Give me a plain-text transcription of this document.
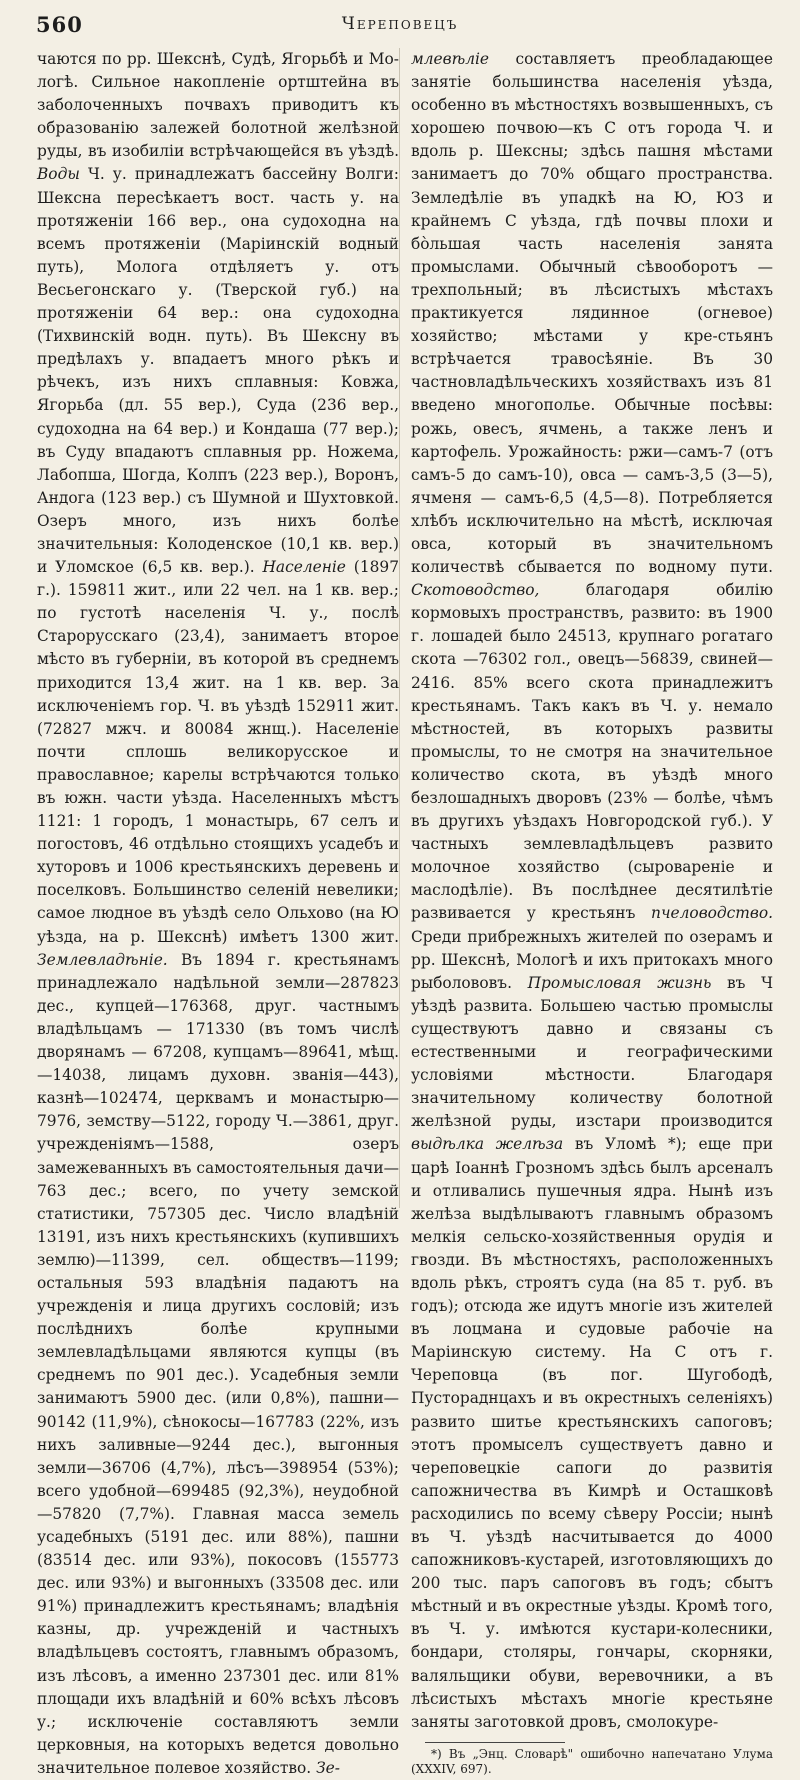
560	Череповецъ

чаются по рр. Шекснѣ, Судѣ, Ягорьбѣ и Мо-логѣ. Сильное накопленіе ортштейна въ заболоченныхъ почвахъ приводитъ къ образованію залежей болотной желѣзной руды, въ изобиліи встрѣчающейся въ уѣздѣ. Воды Ч. у. принадлежатъ бассейну Волги: Шексна пересѣкаетъ вост. часть у. на протяженіи 166 вер., она судоходна на всемъ протяженіи (Маріинскій водный путь), Молога отдѣляетъ у. отъ Весьегонскаго у. (Тверской губ.) на протяженіи 64 вер.: она судоходна (Тихвинскій водн. путь). Въ Шексну въ предѣлахъ у. впадаетъ много рѣкъ и рѣчекъ, изъ нихъ сплавныя: Ковжа, Ягорьба (дл. 55 вер.), Суда (236 вер., судоходна на 64 вер.) и Кондаша (77 вер.); въ Суду впадаютъ сплавныя рр. Ножема, Лабопша, Шогда, Колпъ (223 вер.), Воронъ, Андога (123 вер.) съ Шумной и Шухтовкой. Озеръ много, изъ нихъ болѣе значительныя: Колоденское (10,1 кв. вер.) и Уломское (6,5 кв. вер.). Населеніе (1897 г.). 159811 жит., или 22 чел. на 1 кв. вер.; по густотѣ населенія Ч. у., послѣ Старорусскаго (23,4), занимаетъ второе мѣсто въ губерніи, въ которой въ среднемъ приходится 13,4 жит. на 1 кв. вер. За исключеніемъ гор. Ч. въ уѣздѣ 152911 жит. (72827 мжч. и 80084 жнщ.). Населеніе почти сплошь великорусское и православное; карелы встрѣчаются только въ южн. части уѣзда. Населенныхъ мѣстъ 1121: 1 городъ, 1 монастырь, 67 селъ и погостовъ, 46 отдѣльно стоящихъ усадебъ и хуторовъ и 1006 крестьянскихъ деревень и поселковъ. Большинство селеній невелики; самое людное въ уѣздѣ село Ольхово (на Ю уѣзда, на р. Шекснѣ) имѣетъ 1300 жит. Землевладѣніе. Въ 1894 г. крестьянамъ принадлежало надѣльной земли—287823 дес., купцей—176368, друг. частнымъ владѣльцамъ — 171330 (въ томъ числѣ дворянамъ — 67208, купцамъ—89641, мѣщ.—14038, лицамъ духовн. званія—443), казнѣ—102474, церквамъ и монастырю—7976, земству—5122, городу Ч.—3861, друг. учрежденіямъ—1588, озеръ замежеванныхъ въ самостоятельныя дачи—763 дес.; всего, по учету земской статистики, 757305 дес. Число владѣній 13191, изъ нихъ крестьянскихъ (купившихъ землю)—11399, сел. обществъ—1199; остальныя 593 владѣнія падаютъ на учрежденія и лица другихъ сословій; изъ послѣднихъ болѣе крупными землевладѣльцами являются купцы (въ среднемъ по 901 дес.). Усадебныя земли занимаютъ 5900 дес. (или 0,8%), пашни—90142 (11,9%), сѣнокосы—167783 (22%, изъ нихъ заливные—9244 дес.), выгонныя земли—36706 (4,7%), лѣсъ—398954 (53%); всего удобной—699485 (92,3%), неудобной—57820 (7,7%). Главная масса земель усадебныхъ (5191 дес. или 88%), пашни (83514 дес. или 93%), покосовъ (155773 дес. или 93%) и выгонныхъ (33508 дес. или 91%) принадлежитъ крестьянамъ; владѣнія казны, др. учрежденій и частныхъ владѣльцевъ состоятъ, главнымъ образомъ, изъ лѣсовъ, а именно 237301 дес. или 81% площади ихъ владѣній и 60% всѣхъ лѣсовъ у.; исключеніе составляютъ земли церковныя, на которыхъ ведется довольно значительное полевое хозяйство. Зе-

млевѣліе составляетъ преобладающее занятіе большинства населенія уѣзда, особенно въ мѣстностяхъ возвышенныхъ, съ хорошею почвою—къ С отъ города Ч. и вдоль р. Шексны; здѣсь пашня мѣстами занимаетъ до 70% общаго пространства. Земледѣліе въ упадкѣ на Ю, ЮЗ и крайнемъ С уѣзда, гдѣ почвы плохи и бо̀льшая часть населенія занята промыслами. Обычный сѣвооборотъ — трехпольный; въ лѣсистыхъ мѣстахъ практикуется лядинное (огневое) хозяйство; мѣстами у кре-стьянъ встрѣчается травосѣяніе. Въ 30 частновладѣльческихъ хозяйствахъ изъ 81 введено многополье. Обычные посѣвы: рожь, овесъ, ячмень, а также ленъ и картофель. Урожайность: ржи—самъ-7 (отъ самъ-5 до самъ-10), овса — самъ-3,5 (3—5), ячменя — самъ-6,5 (4,5—8). Потребляется хлѣбъ исключительно на мѣстѣ, исключая овса, который въ значительномъ количествѣ сбывается по водному пути. Скотоводство, благодаря обилію кормовыхъ пространствъ, развито: въ 1900 г. лошадей было 24513, крупнаго рогатаго скота —76302 гол., овецъ—56839, свиней—2416. 85% всего скота принадлежитъ крестьянамъ. Такъ какъ въ Ч. у. немало мѣстностей, въ которыхъ развиты промыслы, то не смотря на значительное количество скота, въ уѣздѣ много безлошадныхъ дворовъ (23% — болѣе, чѣмъ въ другихъ уѣздахъ Новгородской губ.). У частныхъ землевладѣльцевъ развито молочное хозяйство (сыровареніе и маслодѣліе). Въ послѣднее десятилѣтіе развивается у крестьянъ пчеловодство. Среди прибрежныхъ жителей по озерамъ и рр. Шекснѣ, Мологѣ и ихъ притокахъ много рыболововъ. Промысловая жизнь въ Ч уѣздѣ развита. Большею частью промыслы существуютъ давно и связаны съ естественными и географическими условіями мѣстности. Благодаря значительному количеству болотной желѣзной руды, изстари производится выдѣлка желѣза въ Уломѣ *); еще при царѣ Іоаннѣ Грозномъ здѣсь былъ арсеналъ и отливались пушечныя ядра. Нынѣ изъ желѣза выдѣлываютъ главнымъ образомъ мелкія сельско-хозяйственныя орудія и гвозди. Въ мѣстностяхъ, расположенныхъ вдоль рѣкъ, строятъ суда (на 85 т. руб. въ годъ); отсюда же идутъ многіе изъ жителей въ лоцмана и судовые рабочіе на Маріинскую систему. На С отъ г. Череповца (въ пог. Шугободѣ, Пустораднцахъ и въ окрестныхъ селеніяхъ) развито шитье крестьянскихъ сапоговъ; этотъ промыселъ существуетъ давно и череповецкіе сапоги до развитія сапожничества въ Кимрѣ и Осташковѣ расходились по всему сѣверу Россіи; нынѣ въ Ч. уѣздѣ насчитывается до 4000 сапожниковъ-кустарей, изготовляющихъ до 200 тыс. паръ сапоговъ въ годъ; сбытъ мѣстный и въ окрестные уѣзды. Кромѣ того, въ Ч. у. имѣются кустари-колесники, бондари, столяры, гончары, скорняки, валяльщики обуви, веревочники, а въ лѣсистыхъ мѣстахъ многіе крестьяне заняты заготовкой дровъ, смолокуре-

*) Въ „Энц. Словарѣ" ошибочно напечатано Улума (XXXIV, 697).
